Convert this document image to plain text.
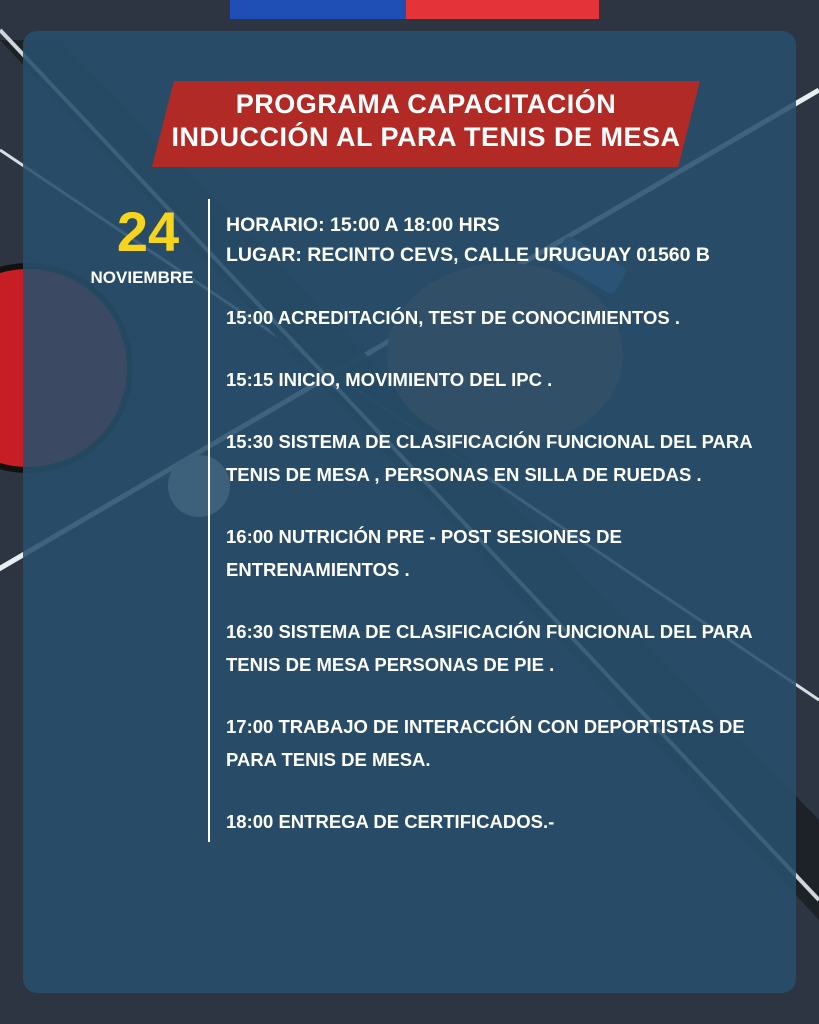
PROGRAMA CAPACITACIÓN
INDUCCIÓN AL PARA TENIS DE MESA
24
NOVIEMBRE
HORARIO: 15:00 A 18:00 HRS
LUGAR: RECINTO CEVS, CALLE URUGUAY 01560 B
15:00 ACREDITACIÓN, TEST DE CONOCIMIENTOS .
15:15 INICIO, MOVIMIENTO DEL IPC .
15:30 SISTEMA DE CLASIFICACIÓN FUNCIONAL DEL PARA TENIS DE MESA , PERSONAS EN SILLA DE RUEDAS .
16:00 NUTRICIÓN PRE - POST SESIONES DE ENTRENAMIENTOS .
16:30 SISTEMA DE CLASIFICACIÓN FUNCIONAL DEL PARA TENIS DE MESA PERSONAS DE PIE .
17:00 TRABAJO DE INTERACCIÓN CON DEPORTISTAS DE PARA TENIS DE MESA.
18:00 ENTREGA DE CERTIFICADOS.-
